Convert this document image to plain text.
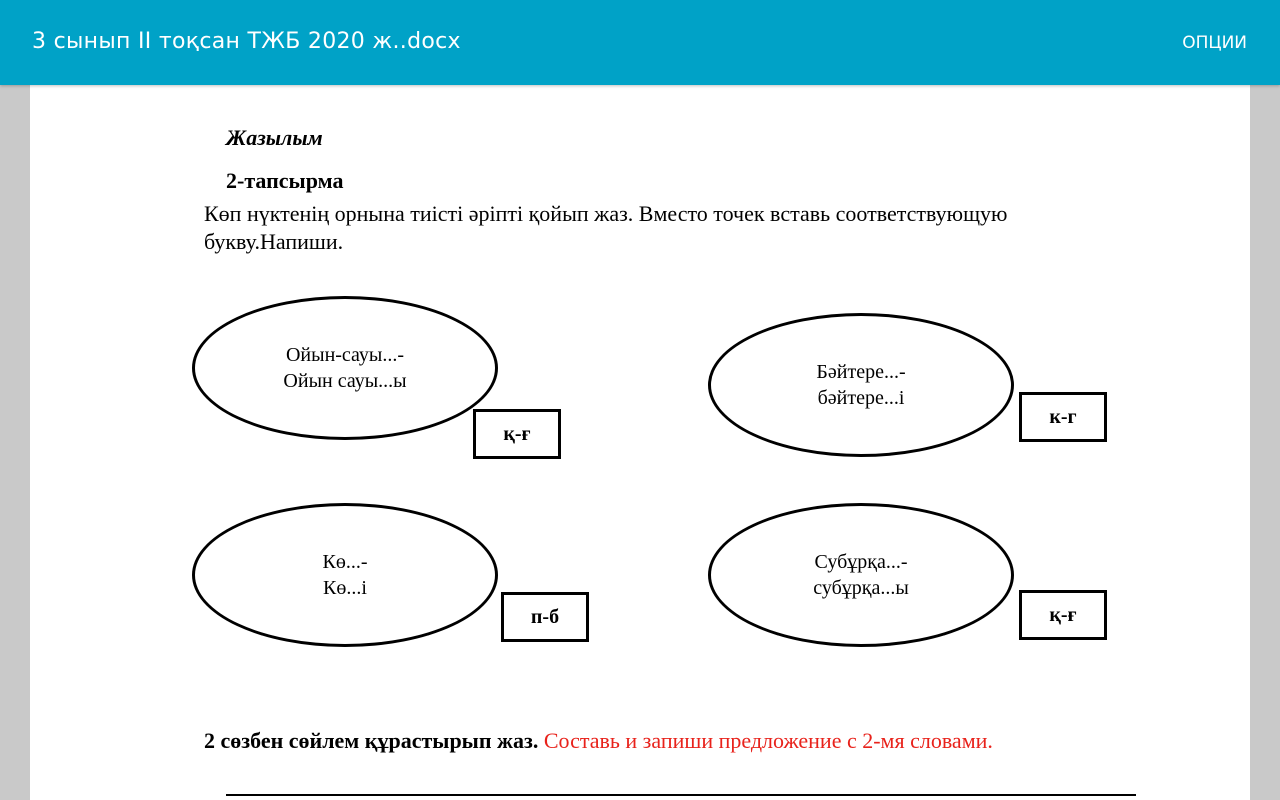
3 сынып II тоқсан ТЖБ 2020 ж..docx	ОПЦИИ
Жазылым
2-тапсырма
Көп нүктенің орнына тиісті әріпті қойып жаз. Вместо точек вставь соответствующую букву.Напиши.
Ойын-сауы...-
Ойын сауы...ы
қ-ғ
Бәйтере...-
бәйтере...і
к-г
Кө...-
Кө...і
п-б
Субұрқа...-
субұрқа...ы
қ-ғ
2 сөзбен сөйлем құрастырып жаз. Составь и запиши предложение с 2-мя словами.
